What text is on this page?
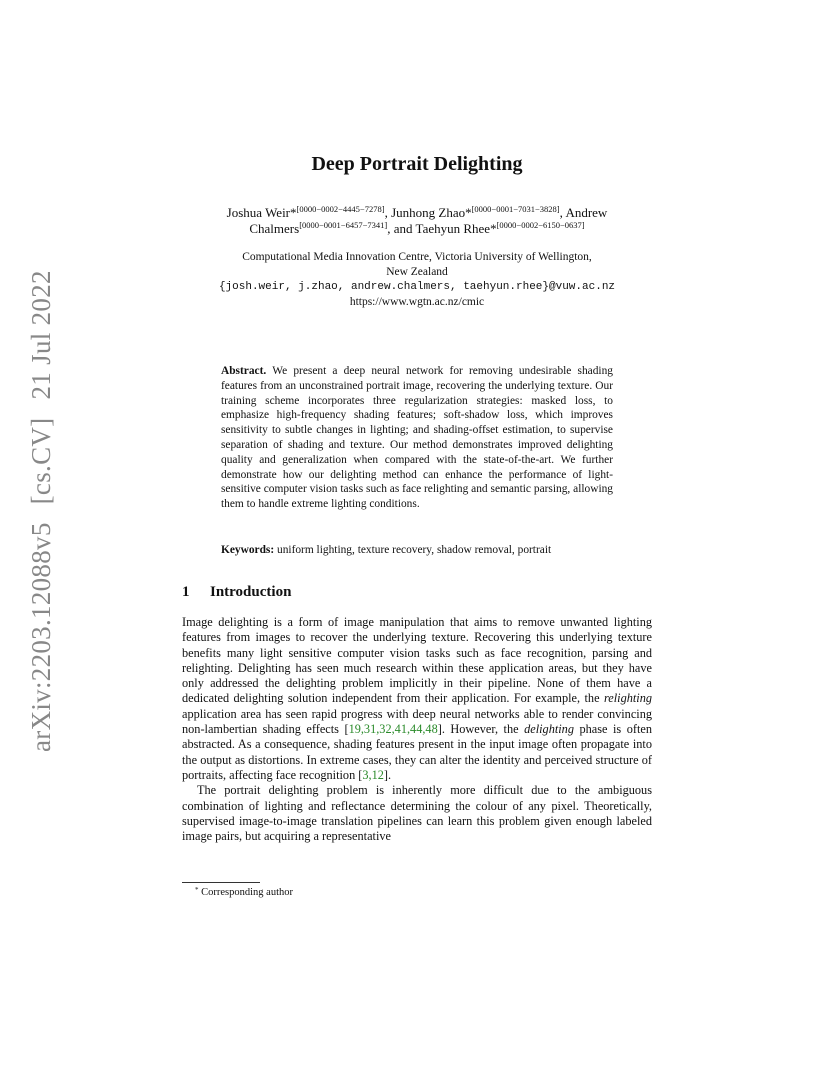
arXiv:2203.12088v5[cs.CV]21 Jul 2022
Deep Portrait Delighting
Joshua Weir*[0000−0002−4445−7278], Junhong Zhao*[0000−0001−7031−3828], Andrew Chalmers[0000−0001−6457−7341], and Taehyun Rhee*[0000−0002−6150−0637]
Computational Media Innovation Centre, Victoria University of Wellington,
New Zealand
{josh.weir, j.zhao, andrew.chalmers, taehyun.rhee}@vuw.ac.nz
https://www.wgtn.ac.nz/cmic
Abstract. We present a deep neural network for removing undesirable shading features from an unconstrained portrait image, recovering the underlying texture. Our training scheme incorporates three regularization strategies: masked loss, to emphasize high-frequency shading features; soft-shadow loss, which improves sensitivity to subtle changes in lighting; and shading-offset estimation, to supervise separation of shading and texture. Our method demonstrates improved delighting quality and generalization when compared with the state-of-the-art. We further demonstrate how our delighting method can enhance the performance of light-sensitive computer vision tasks such as face relighting and semantic parsing, allowing them to handle extreme lighting conditions.
Keywords: uniform lighting, texture recovery, shadow removal, portrait
1 Introduction

Image delighting is a form of image manipulation that aims to remove unwanted lighting features from images to recover the underlying texture. Recovering this underlying texture benefits many light sensitive computer vision tasks such as face recognition, parsing and relighting. Delighting has seen much research within these application areas, but they have only addressed the delighting problem implicitly in their pipeline. None of them have a dedicated delighting solution independent from their application. For example, the relighting application area has seen rapid progress with deep neural networks able to render convincing non-lambertian shading effects [19,31,32,41,44,48]. However, the delighting phase is often abstracted. As a consequence, shading features present in the input image often propagate into the output as distortions. In extreme cases, they can alter the identity and perceived structure of portraits, affecting face recognition [3,12].

The portrait delighting problem is inherently more difficult due to the ambiguous combination of lighting and reflectance determining the colour of any pixel. Theoretically, supervised image-to-image translation pipelines can learn this problem given enough labeled image pairs, but acquiring a representative

* Corresponding author
